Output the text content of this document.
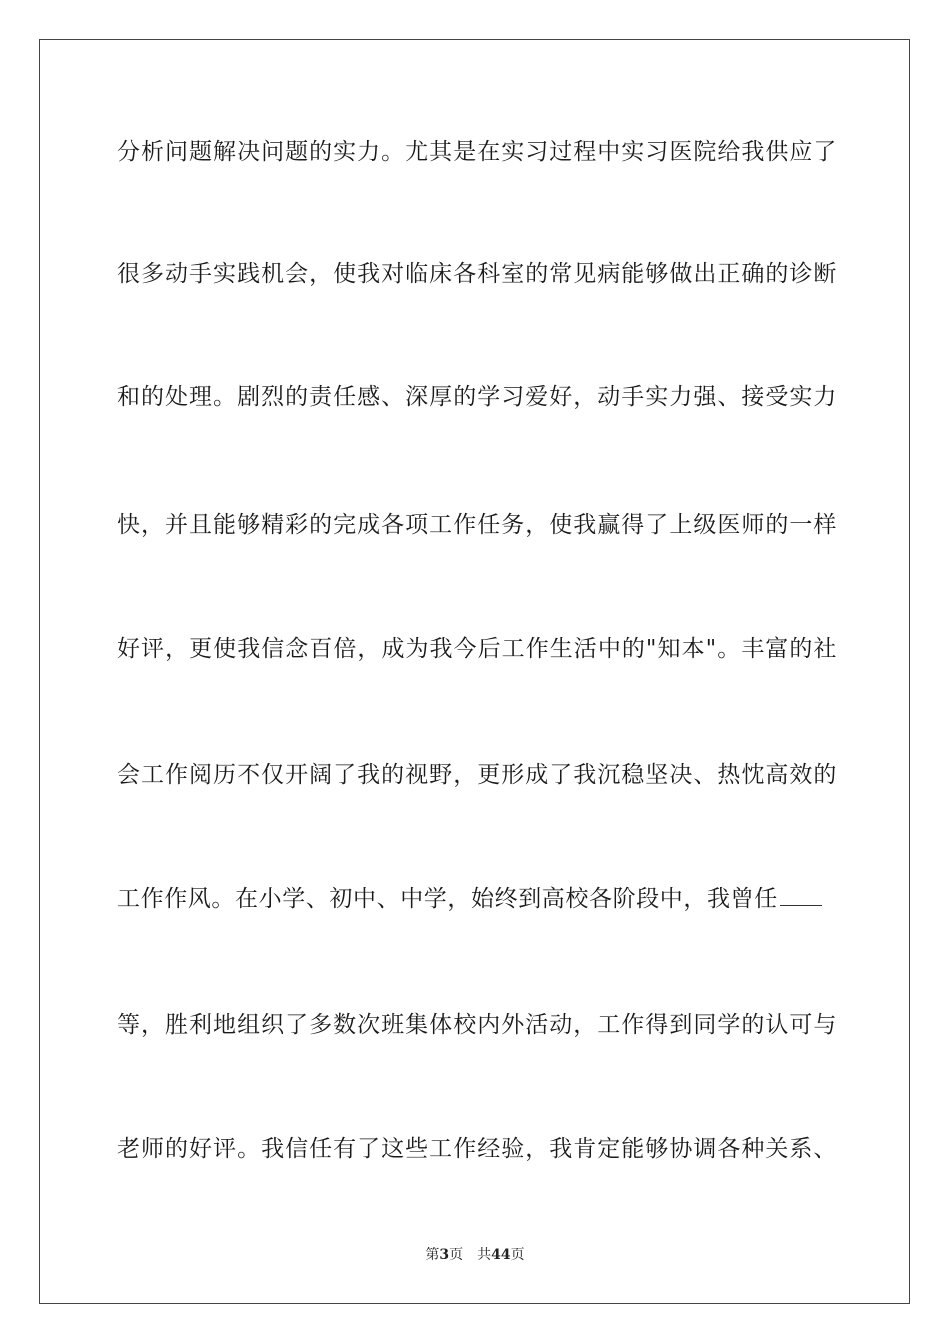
分析问题解决问题的实力。尤其是在实习过程中实习医院给我供应了
很多动手实践机会，使我对临床各科室的常见病能够做出正确的诊断
和的处理。剧烈的责任感、深厚的学习爱好，动手实力强、接受实力
快，并且能够精彩的完成各项工作任务，使我赢得了上级医师的一样
好评，更使我信念百倍，成为我今后工作生活中的"知本"。丰富的社
会工作阅历不仅开阔了我的视野，更形成了我沉稳坚决、热忱高效的
工作作风。在小学、初中、中学，始终到高校各阶段中，我曾任
等，胜利地组织了多数次班集体校内外活动，工作得到同学的认可与
老师的好评。我信任有了这些工作经验，我肯定能够协调各种关系、
第3页 共44页
